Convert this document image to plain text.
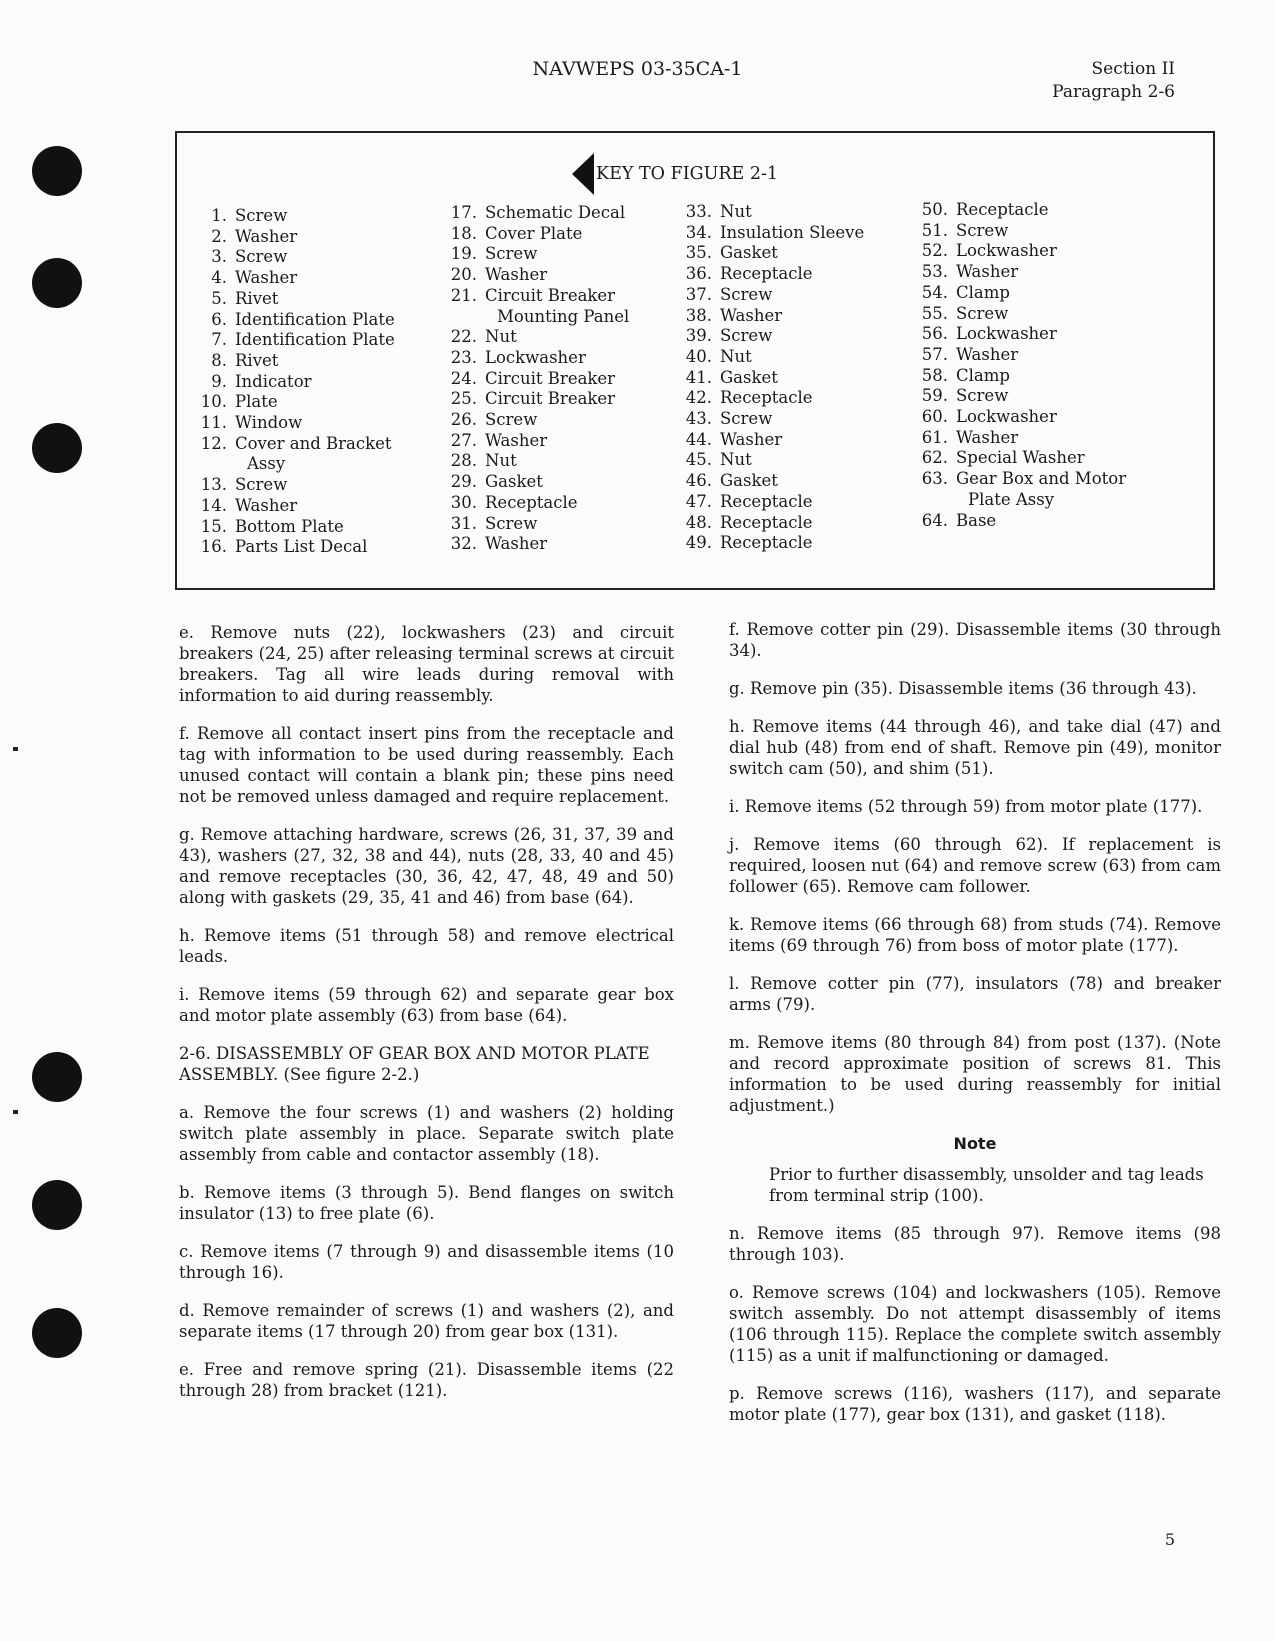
NAVWEPS 03-35CA-1	Section II
Paragraph 2-6
KEY TO FIGURE 2-1
1. Screw
2. Washer
3. Screw
4. Washer
5. Rivet
6. Identification Plate
7. Identification Plate
8. Rivet
9. Indicator
10. Plate
11. Window
12. Cover and Bracket
Assy
13. Screw
14. Washer
15. Bottom Plate
16. Parts List Decal
17. Schematic Decal
18. Cover Plate
19. Screw
20. Washer
21. Circuit Breaker
Mounting Panel
22. Nut
23. Lockwasher
24. Circuit Breaker
25. Circuit Breaker
26. Screw
27. Washer
28. Nut
29. Gasket
30. Receptacle
31. Screw
32. Washer
33. Nut
34. Insulation Sleeve
35. Gasket
36. Receptacle
37. Screw
38. Washer
39. Screw
40. Nut
41. Gasket
42. Receptacle
43. Screw
44. Washer
45. Nut
46. Gasket
47. Receptacle
48. Receptacle
49. Receptacle
50. Receptacle
51. Screw
52. Lockwasher
53. Washer
54. Clamp
55. Screw
56. Lockwasher
57. Washer
58. Clamp
59. Screw
60. Lockwasher
61. Washer
62. Special Washer
63. Gear Box and Motor
Plate Assy
64. Base

e. Remove nuts (22), lockwashers (23) and circuit breakers (24, 25) after releasing terminal screws at circuit breakers. Tag all wire leads during removal with information to aid during reassembly.

f. Remove all contact insert pins from the receptacle and tag with information to be used during reassembly. Each unused contact will contain a blank pin; these pins need not be removed unless damaged and require replacement.

g. Remove attaching hardware, screws (26, 31, 37, 39 and 43), washers (27, 32, 38 and 44), nuts (28, 33, 40 and 45) and remove receptacles (30, 36, 42, 47, 48, 49 and 50) along with gaskets (29, 35, 41 and 46) from base (64).

h. Remove items (51 through 58) and remove electrical leads.

i. Remove items (59 through 62) and separate gear box and motor plate assembly (63) from base (64).

2-6. DISASSEMBLY OF GEAR BOX AND MOTOR PLATE ASSEMBLY. (See figure 2-2.)

a. Remove the four screws (1) and washers (2) holding switch plate assembly in place. Separate switch plate assembly from cable and contactor assembly (18).

b. Remove items (3 through 5). Bend flanges on switch insulator (13) to free plate (6).

c. Remove items (7 through 9) and disassemble items (10 through 16).

d. Remove remainder of screws (1) and washers (2), and separate items (17 through 20) from gear box (131).

e. Free and remove spring (21). Disassemble items (22 through 28) from bracket (121).

f. Remove cotter pin (29). Disassemble items (30 through 34).

g. Remove pin (35). Disassemble items (36 through 43).

h. Remove items (44 through 46), and take dial (47) and dial hub (48) from end of shaft. Remove pin (49), monitor switch cam (50), and shim (51).

i. Remove items (52 through 59) from motor plate (177).

j. Remove items (60 through 62). If replacement is required, loosen nut (64) and remove screw (63) from cam follower (65). Remove cam follower.

k. Remove items (66 through 68) from studs (74). Remove items (69 through 76) from boss of motor plate (177).

l. Remove cotter pin (77), insulators (78) and breaker arms (79).

m. Remove items (80 through 84) from post (137). (Note and record approximate position of screws 81. This information to be used during reassembly for initial adjustment.)

Note

Prior to further disassembly, unsolder and tag leads from terminal strip (100).

n. Remove items (85 through 97). Remove items (98 through 103).

o. Remove screws (104) and lockwashers (105). Remove switch assembly. Do not attempt disassembly of items (106 through 115). Replace the complete switch assembly (115) as a unit if malfunctioning or damaged.

p. Remove screws (116), washers (117), and separate motor plate (177), gear box (131), and gasket (118).

5
